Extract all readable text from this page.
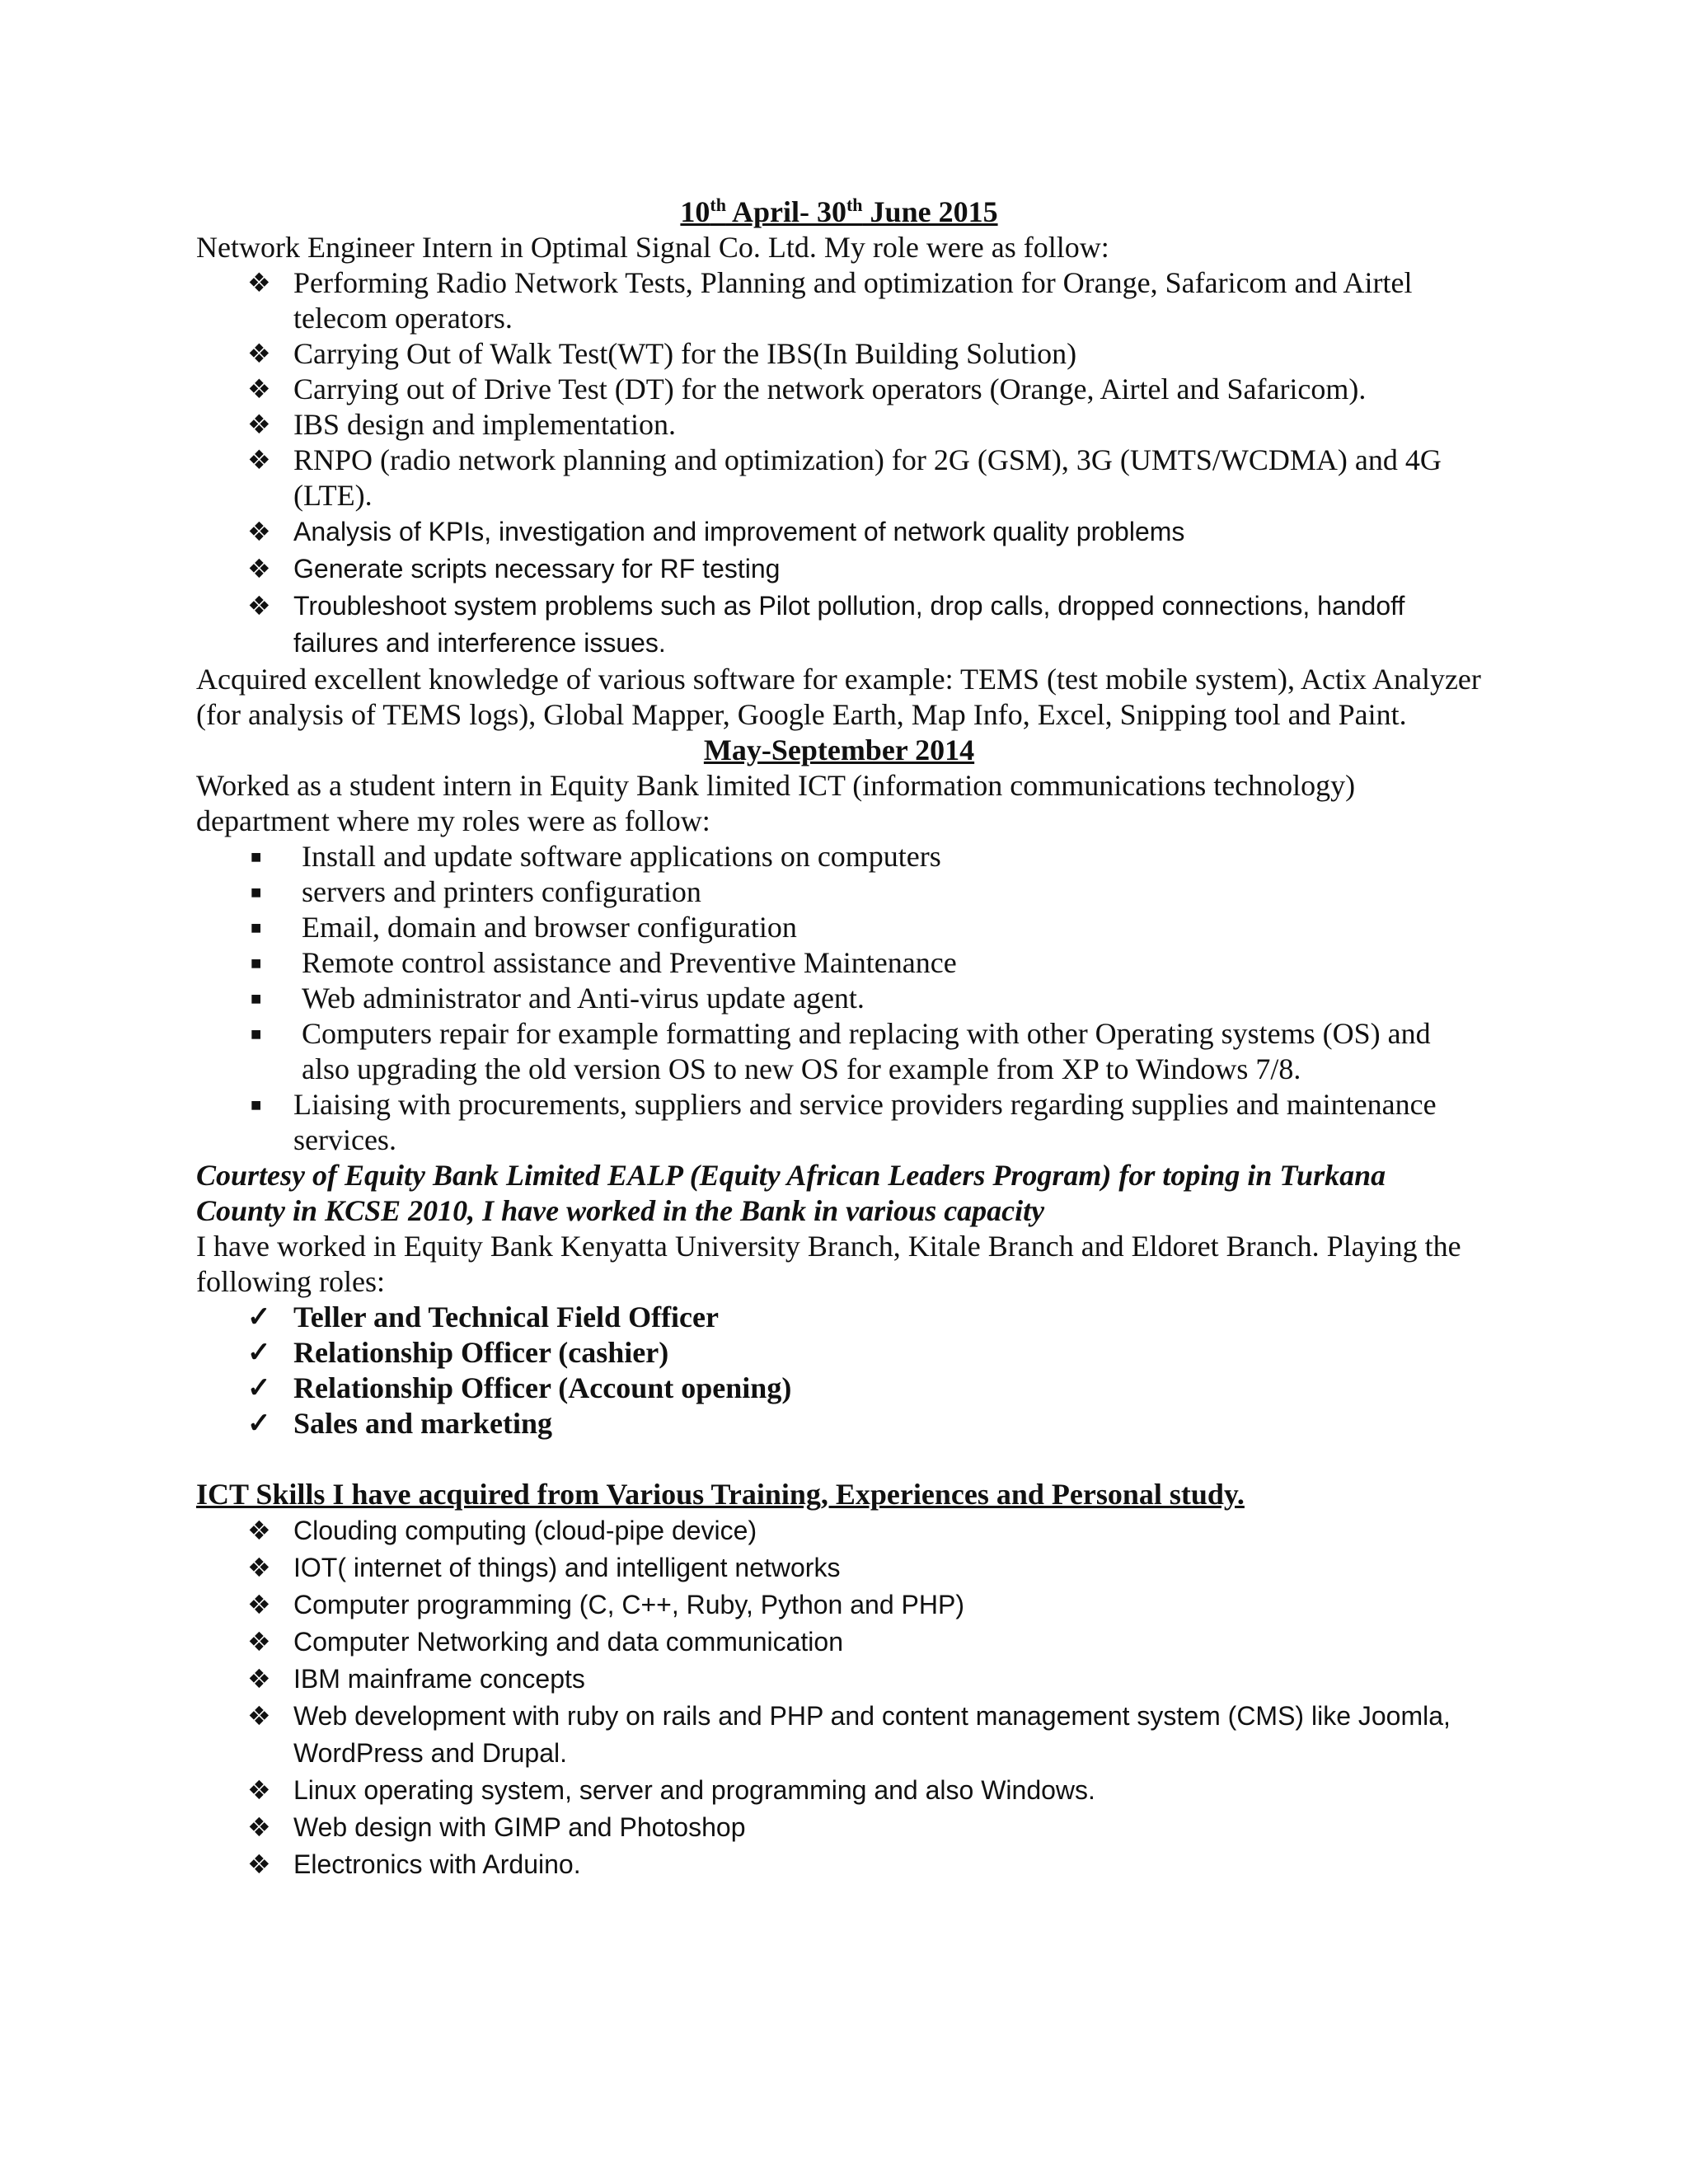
10th April- 30th June 2015

Network Engineer Intern in Optimal Signal Co. Ltd. My role were as follow:

❖ Performing Radio Network Tests, Planning and optimization for Orange, Safaricom and Airtel telecom operators.
❖ Carrying Out of Walk Test(WT) for the IBS(In Building Solution)
❖ Carrying out of Drive Test (DT) for the network operators (Orange, Airtel and Safaricom).
❖ IBS design and implementation.
❖ RNPO (radio network planning and optimization) for 2G (GSM), 3G (UMTS/WCDMA) and 4G (LTE).
❖ Analysis of KPIs, investigation and improvement of network quality problems
❖ Generate scripts necessary for RF testing
❖ Troubleshoot system problems such as Pilot pollution, drop calls, dropped connections, handoff failures and interference issues.

Acquired excellent knowledge of various software for example: TEMS (test mobile system), Actix Analyzer (for analysis of TEMS logs), Global Mapper, Google Earth, Map Info, Excel, Snipping tool and Paint.

May-September 2014

Worked as a student intern in Equity Bank limited ICT (information communications technology) department where my roles were as follow:

■ Install and update software applications on computers
■ servers and printers configuration
■ Email, domain and browser configuration
■ Remote control assistance and Preventive Maintenance
■ Web administrator and Anti-virus update agent.
■ Computers repair for example formatting and replacing with other Operating systems (OS) and also upgrading the old version OS to new OS for example from XP to Windows 7/8.
■ Liaising with procurements, suppliers and service providers regarding supplies and maintenance services.

Courtesy of Equity Bank Limited EALP (Equity African Leaders Program) for toping in Turkana County in KCSE 2010, I have worked in the Bank in various capacity

I have worked in Equity Bank Kenyatta University Branch, Kitale Branch and Eldoret Branch. Playing the following roles:

✓ Teller and Technical Field Officer
✓ Relationship Officer (cashier)
✓ Relationship Officer (Account opening)
✓ Sales and marketing

ICT Skills I have acquired from Various Training, Experiences and Personal study.

❖ Clouding computing (cloud-pipe device)
❖ IOT( internet of things) and intelligent networks
❖ Computer programming (C, C++, Ruby, Python and PHP)
❖ Computer Networking and data communication
❖ IBM mainframe concepts
❖ Web development with ruby on rails and PHP and content management system (CMS) like Joomla, WordPress and Drupal.
❖ Linux operating system, server and programming and also Windows.
❖ Web design with GIMP and Photoshop
❖ Electronics with Arduino.
